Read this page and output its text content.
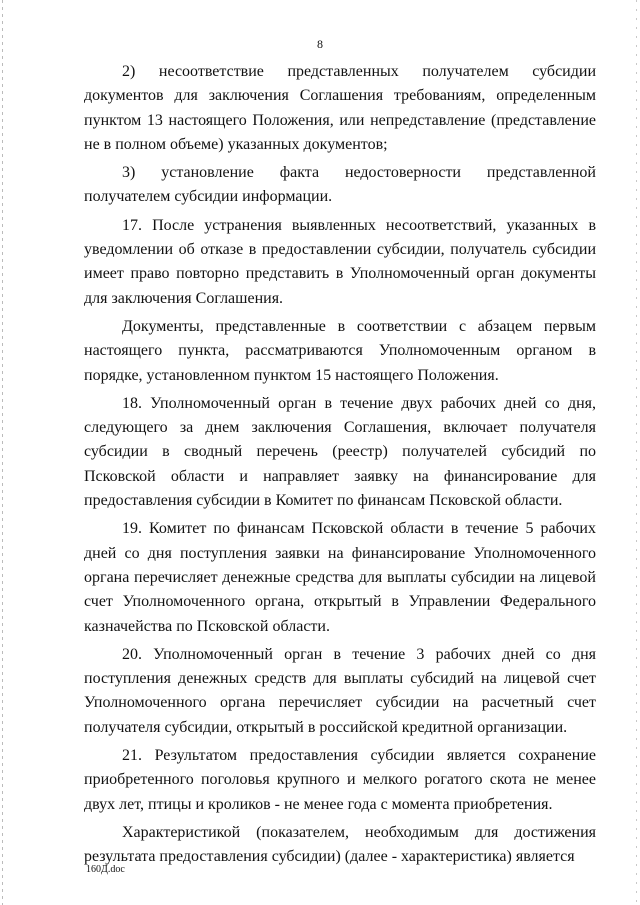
8

2) несоответствие представленных получателем субсидии документов для заключения Соглашения требованиям, определенным пунктом 13 настоящего Положения, или непредставление (представление не в полном объеме) указанных документов;

3) установление факта недостоверности представленной получателем субсидии информации.

17. После устранения выявленных несоответствий, указанных в уведомлении об отказе в предоставлении субсидии, получатель субсидии имеет право повторно представить в Уполномоченный орган документы для заключения Соглашения.

Документы, представленные в соответствии с абзацем первым настоящего пункта, рассматриваются Уполномоченным органом в порядке, установленном пунктом 15 настоящего Положения.

18. Уполномоченный орган в течение двух рабочих дней со дня, следующего за днем заключения Соглашения, включает получателя субсидии в сводный перечень (реестр) получателей субсидий по Псковской области и направляет заявку на финансирование для предоставления субсидии в Комитет по финансам Псковской области.

19. Комитет по финансам Псковской области в течение 5 рабочих дней со дня поступления заявки на финансирование Уполномоченного органа перечисляет денежные средства для выплаты субсидии на лицевой счет Уполномоченного органа, открытый в Управлении Федерального казначейства по Псковской области.

20. Уполномоченный орган в течение 3 рабочих дней со дня поступления денежных средств для выплаты субсидий на лицевой счет Уполномоченного органа перечисляет субсидии на расчетный счет получателя субсидии, открытый в российской кредитной организации.

21. Результатом предоставления субсидии является сохранение приобретенного поголовья крупного и мелкого рогатого скота не менее двух лет, птицы и кроликов - не менее года с момента приобретения.

Характеристикой (показателем, необходимым для достижения результата предоставления субсидии) (далее - характеристика) является

160Д.doc
